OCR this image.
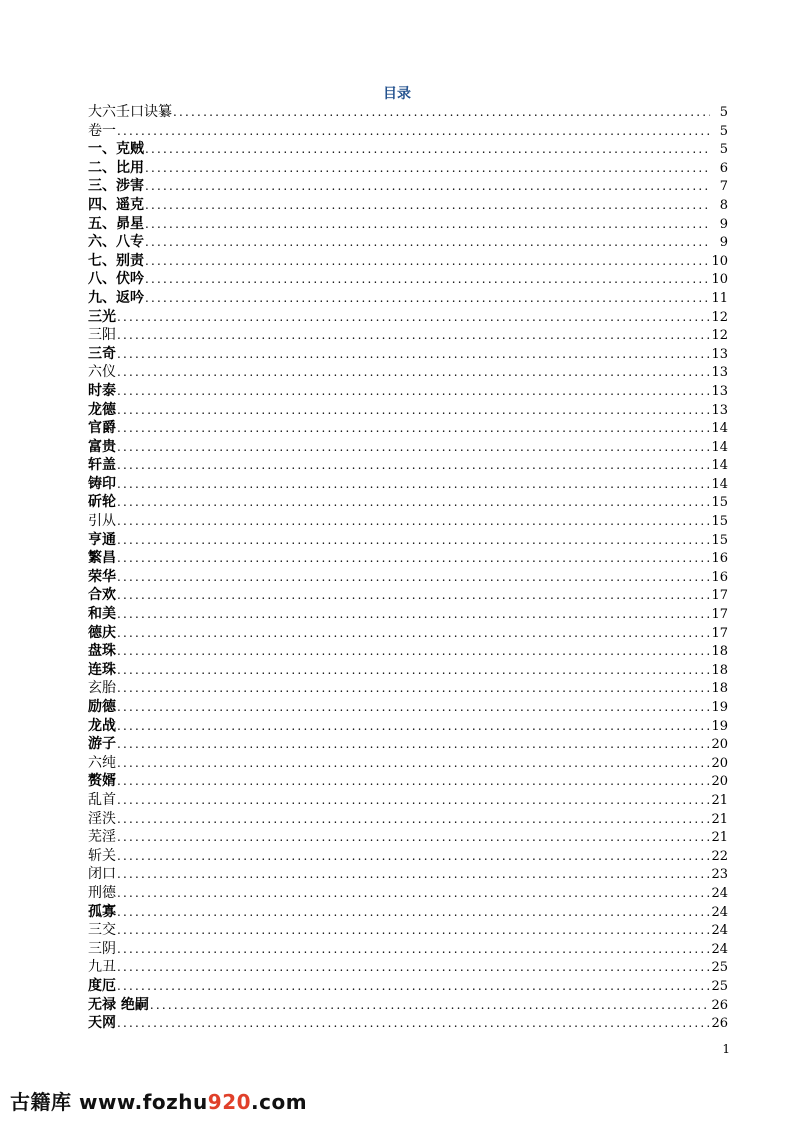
目录
大六壬口诀纂 .....	5
卷一 .....	5
一、克贼 .....	5
二、比用 .....	6
三、涉害 .....	7
四、遥克 .....	8
五、昴星 .....	9
六、八专 .....	9
七、别责 .....	10
八、伏吟 .....	10
九、返吟 .....	11
三光 .....	12
三阳 .....	12
三奇 .....	13
六仪 .....	13
时泰 .....	13
龙德 .....	13
官爵 .....	14
富贵 .....	14
轩盖 .....	14
铸印 .....	14
斫轮 .....	15
引从 .....	15
亨通 .....	15
繁昌 .....	16
荣华 .....	16
合欢 .....	17
和美 .....	17
德庆 .....	17
盘珠 .....	18
连珠 .....	18
玄胎 .....	18
励德 .....	19
龙战 .....	19
游子 .....	20
六纯 .....	20
赘婿 .....	20
乱首 .....	21
淫泆 .....	21
芜淫 .....	21
斩关 .....	22
闭口 .....	23
刑德 .....	24
孤寡 .....	24
三交 .....	24
三阴 .....	24
九丑 .....	25
度厄 .....	25
无禄 绝嗣 .....	26
天网 .....	26
1
古籍库 www.fozhu920.com
